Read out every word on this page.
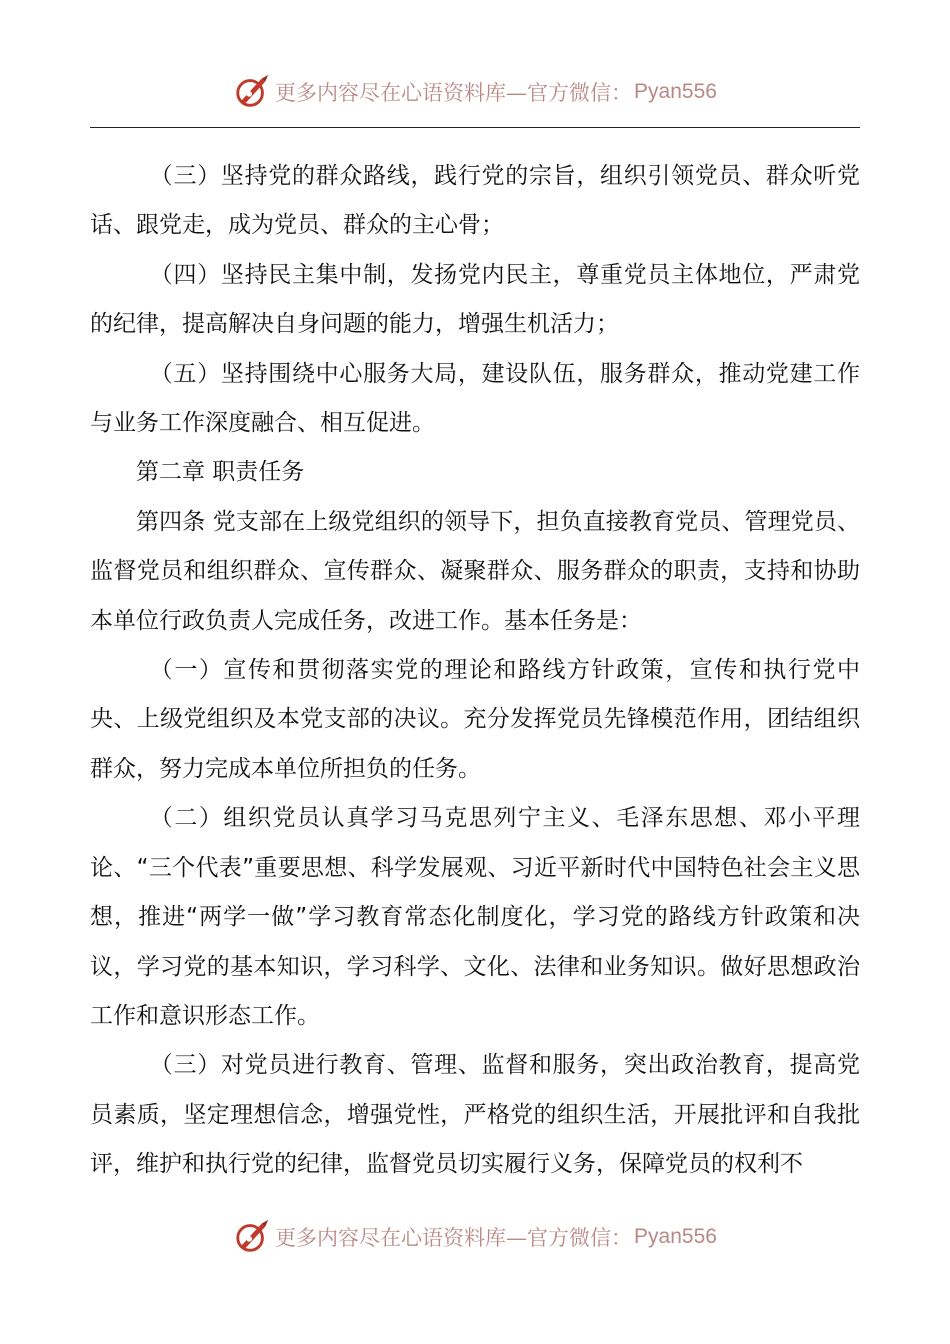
更多内容尽在心语资料库—官方微信： Pyan556

（三）坚持党的群众路线，践行党的宗旨，组织引领党员、群众听党话、跟党走，成为党员、群众的主心骨；

（四）坚持民主集中制，发扬党内民主，尊重党员主体地位，严肃党的纪律，提高解决自身问题的能力，增强生机活力；

（五）坚持围绕中心服务大局，建设队伍，服务群众，推动党建工作与业务工作深度融合、相互促进。

第二章 职责任务

第四条 党支部在上级党组织的领导下，担负直接教育党员、管理党员、监督党员和组织群众、宣传群众、凝聚群众、服务群众的职责，支持和协助本单位行政负责人完成任务，改进工作。基本任务是：

（一）宣传和贯彻落实党的理论和路线方针政策，宣传和执行党中央、上级党组织及本党支部的决议。充分发挥党员先锋模范作用，团结组织群众，努力完成本单位所担负的任务。

（二）组织党员认真学习马克思列宁主义、毛泽东思想、邓小平理论、“三个代表”重要思想、科学发展观、习近平新时代中国特色社会主义思想，推进“两学一做”学习教育常态化制度化，学习党的路线方针政策和决议，学习党的基本知识，学习科学、文化、法律和业务知识。做好思想政治工作和意识形态工作。

（三）对党员进行教育、管理、监督和服务，突出政治教育，提高党员素质，坚定理想信念，增强党性，严格党的组织生活，开展批评和自我批评，维护和执行党的纪律，监督党员切实履行义务，保障党员的权利不

更多内容尽在心语资料库—官方微信： Pyan556
